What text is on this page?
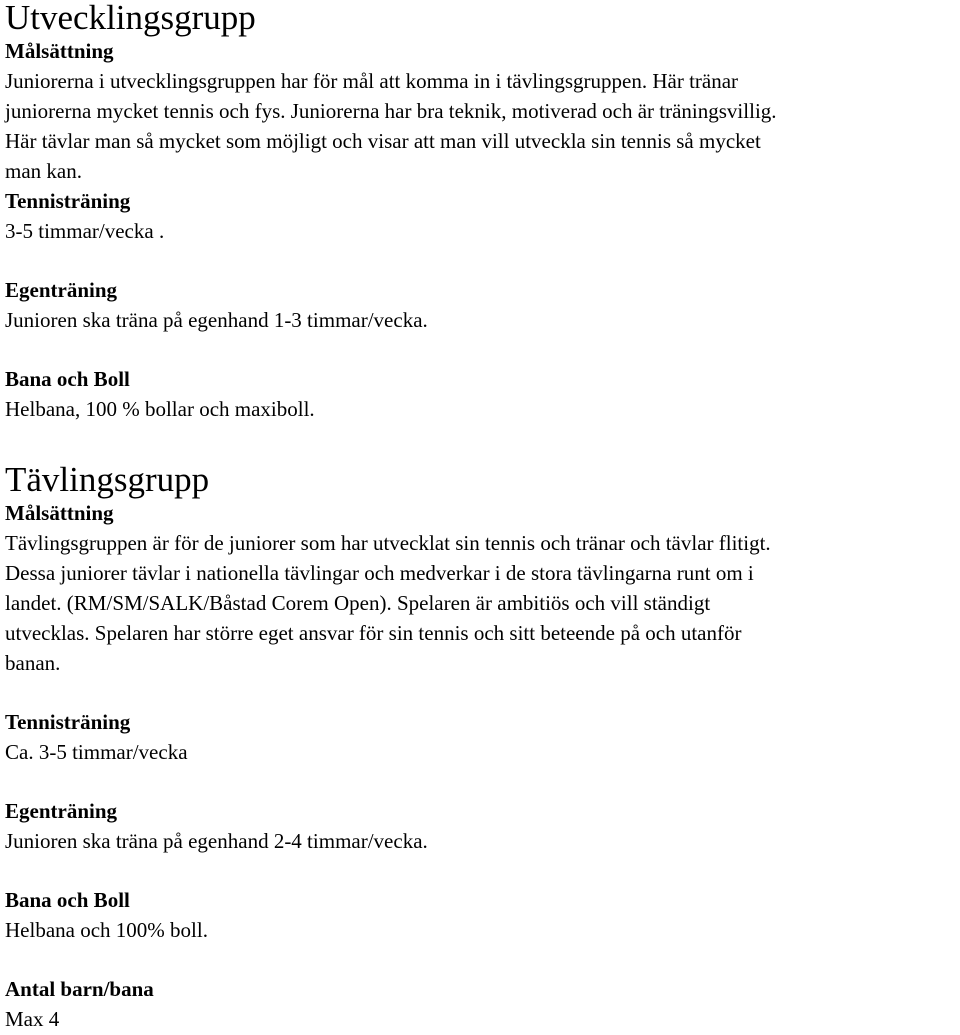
Utvecklingsgrupp

Målsättning

Juniorerna i utvecklingsgruppen har för mål att komma in i tävlingsgruppen. Här tränar
juniorerna mycket tennis och fys. Juniorerna har bra teknik, motiverad och är träningsvillig.
Här tävlar man så mycket som möjligt och visar att man vill utveckla sin tennis så mycket
man kan.

Tennisträning

3-5 timmar/vecka .

Egenträning

Junioren ska träna på egenhand 1-3 timmar/vecka.

Bana och Boll

Helbana, 100 % bollar och maxiboll.

Tävlingsgrupp

Målsättning

Tävlingsgruppen är för de juniorer som har utvecklat sin tennis och tränar och tävlar flitigt.
Dessa juniorer tävlar i nationella tävlingar och medverkar i de stora tävlingarna runt om i
landet. (RM/SM/SALK/Båstad Corem Open). Spelaren är ambitiös och vill ständigt
utvecklas. Spelaren har större eget ansvar för sin tennis och sitt beteende på och utanför
banan.

Tennisträning

Ca. 3-5 timmar/vecka

Egenträning

Junioren ska träna på egenhand 2-4 timmar/vecka.

Bana och Boll

Helbana och 100% boll.

Antal barn/bana

Max 4
